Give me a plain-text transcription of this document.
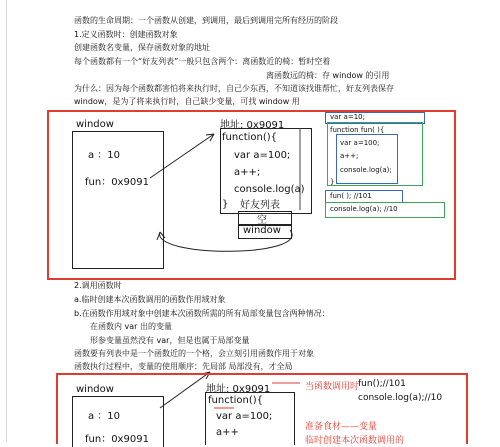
函数的生命周期：一个函数从创建，到调用，最后到调用完所有经历的阶段
1.定义函数时：创建函数对象
创建函数名变量，保存函数对象的地址
每个函数都有一个“好友列表”一般只包含两个：离函数近的椅：暂时空着
离函数远的椅：存 window 的引用
为什么：因为每个函数都害怕将来执行时，自己少东西，不知道该找谁帮忙，好友列表保存
window，是为了将来执行时，自己缺少变量，可找 window 用
window
a ：10
fun：0x9091
地址: 0x9091
function(){
var a=100;
a++;
console.log(a)
} 好友列表
空
window
var a=10;
function fun( ){
var a=100;
a++;
console.log(a);
}
fun( ); //101
console.log(a); //10
2.调用函数时
a.临时创建本次函数调用的函数作用域对象
b.在函数作用域对象中创建本次函数所需的所有局部变量包含两种情况：
在函数内 var 出的变量
形参变量虽然没有 var，但是也属于局部变量
函数要有列表中是一个函数近的一个格，会立刻引用函数作用于对象
函数执行过程中，变量的使用顺序：先局部 局部没有，才全局
window
a ：10
fun：0x9091
地址: 0x9091
function(){
var a=100;
a++
当函数调用时
fun();//101
console.log(a);//10
准备食材——变量
临时创建本次函数调用的
